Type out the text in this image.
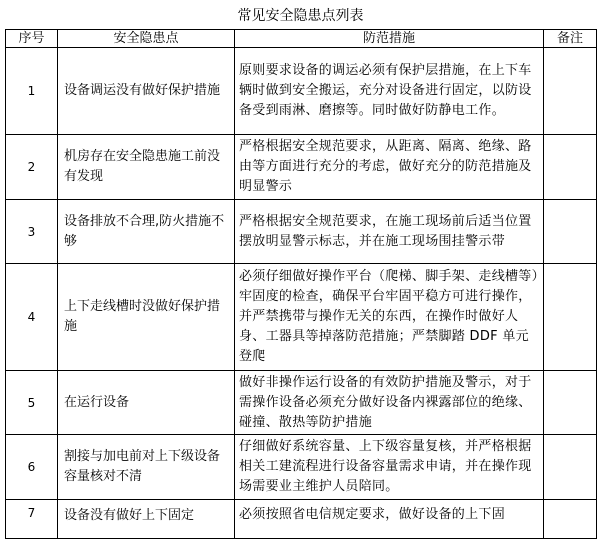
常见安全隐患点列表
序号	安全隐患点	防范措施	备注
1	设备调运没有做好保护措施	原则要求设备的调运必须有保护层措施，在上下车辆时做到安全搬运，充分对设备进行固定，以防设备受到雨淋、磨擦等。同时做好防静电工作。	
2	机房存在安全隐患施工前没有发现	严格根据安全规范要求，从距离、隔离、绝缘、路由等方面进行充分的考虑，做好充分的防范措施及明显警示	
3	设备排放不合理,防火措施不够	严格根据安全规范要求，在施工现场前后适当位置摆放明显警示标志，并在施工现场围挂警示带	
4	上下走线槽时没做好保护措施	必须仔细做好操作平台（爬梯、脚手架、走线槽等）牢固度的检查，确保平台牢固平稳方可进行操作，并严禁携带与操作无关的东西，在操作时做好人身、工器具等掉落防范措施；严禁脚踏 DDF 单元登爬	
5	在运行设备	做好非操作运行设备的有效防护措施及警示，对于需操作设备必须充分做好设备内裸露部位的绝缘、碰撞、散热等防护措施	
6	割接与加电前对上下级设备容量核对不清	仔细做好系统容量、上下级容量复核，并严格根据相关工建流程进行设备容量需求申请，并在操作现场需要业主维护人员陪同。	
7	设备没有做好上下固定	必须按照省电信规定要求，做好设备的上下固	
